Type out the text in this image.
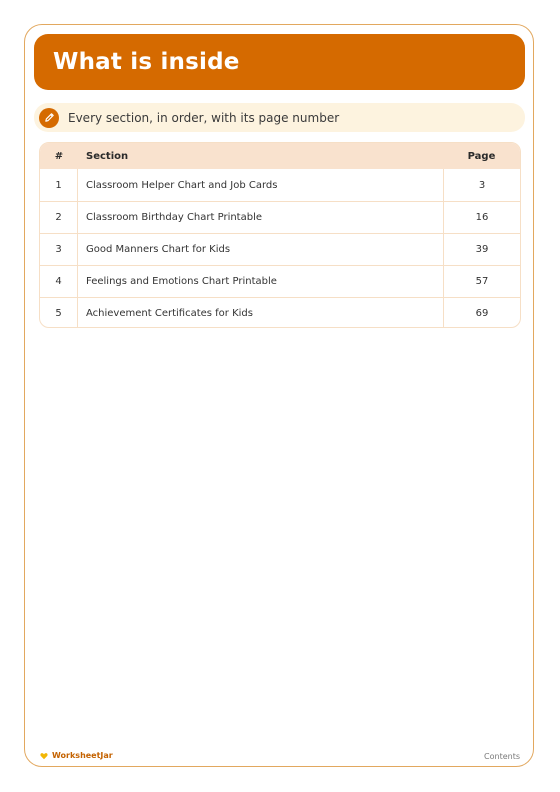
What is inside
Every section, in order, with its page number
#	Section	Page
1	Classroom Helper Chart and Job Cards	3
2	Classroom Birthday Chart Printable	16
3	Good Manners Chart for Kids	39
4	Feelings and Emotions Chart Printable	57
5	Achievement Certificates for Kids	69
WorksheetJar	Contents
